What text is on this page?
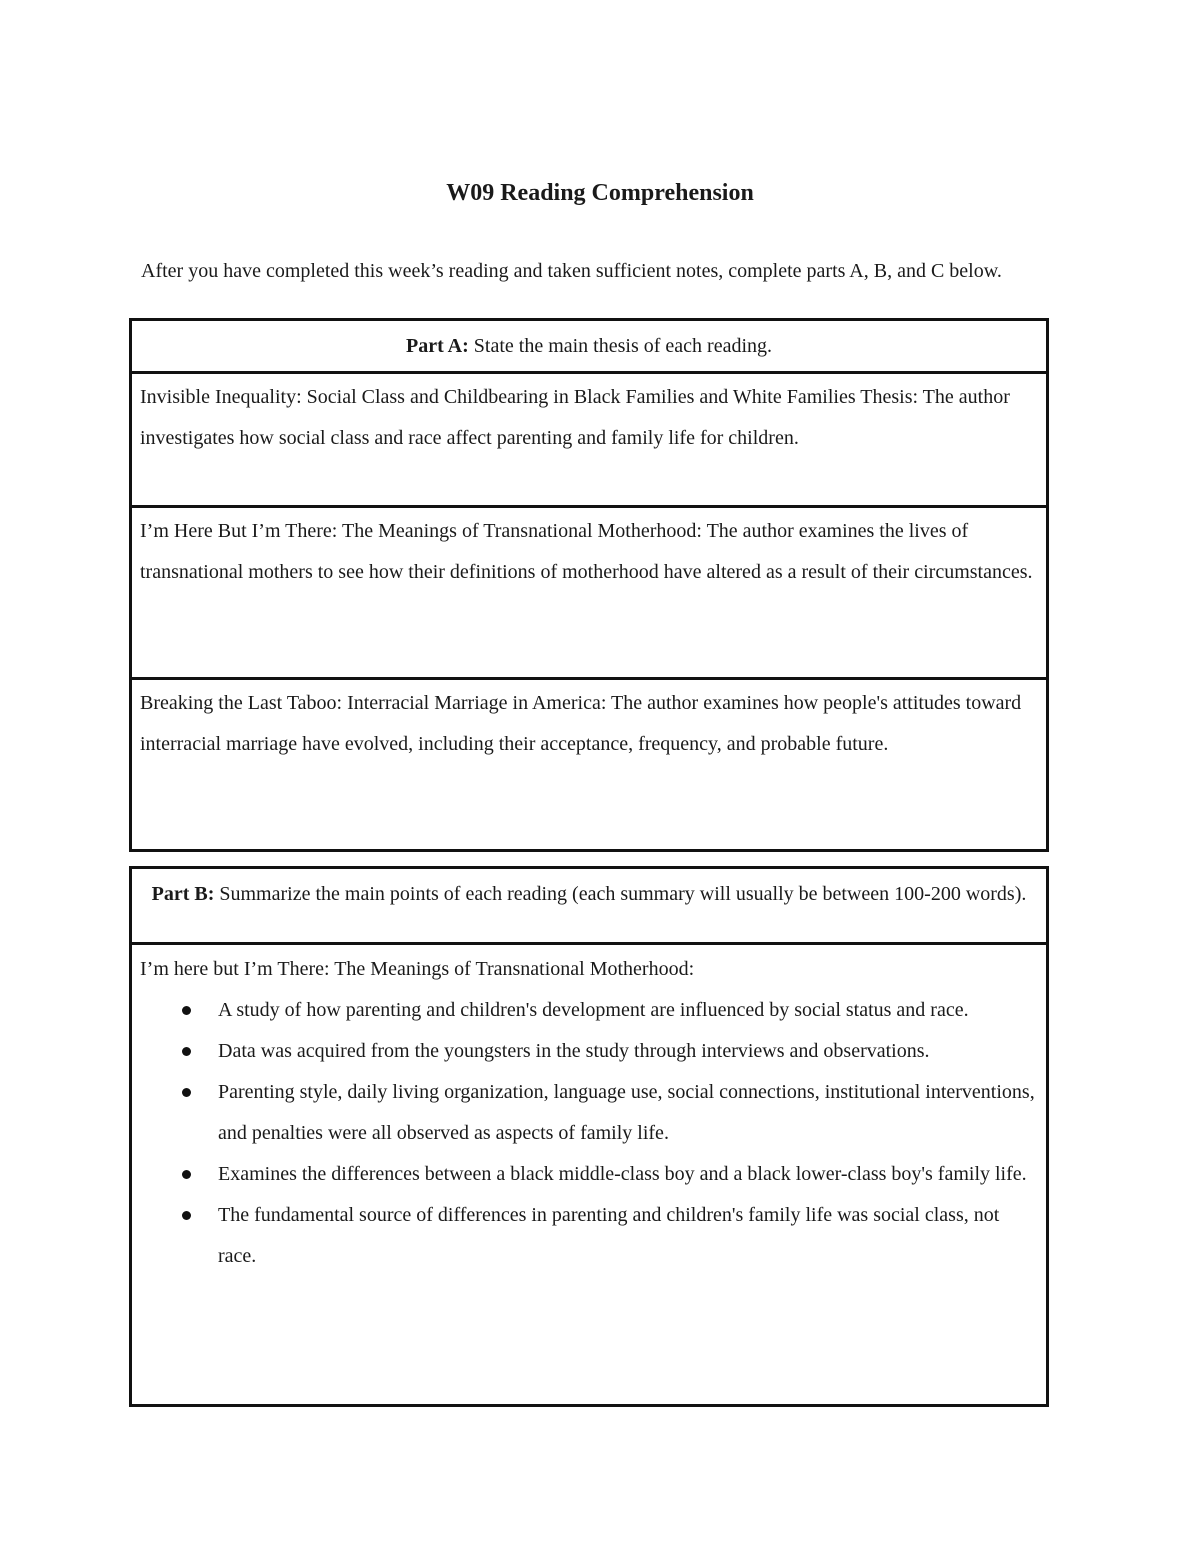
W09 Reading Comprehension
After you have completed this week’s reading and taken sufficient notes, complete parts A, B, and C below.
Part A: State the main thesis of each reading.
Invisible Inequality: Social Class and Childbearing in Black Families and White Families Thesis: The author investigates how social class and race affect parenting and family life for children.
I’m Here But I’m There: The Meanings of Transnational Motherhood: The author examines the lives of transnational mothers to see how their definitions of motherhood have altered as a result of their circumstances.
Breaking the Last Taboo: Interracial Marriage in America: The author examines how people's attitudes toward interracial marriage have evolved, including their acceptance, frequency, and probable future.
Part B: Summarize the main points of each reading (each summary will usually be between 100-200 words).

I’m here but I’m There: The Meanings of Transnational Motherhood:
A study of how parenting and children's development are influenced by social status and race.
Data was acquired from the youngsters in the study through interviews and observations.
Parenting style, daily living organization, language use, social connections, institutional interventions, and penalties were all observed as aspects of family life.
Examines the differences between a black middle-class boy and a black lower-class boy's family life.
The fundamental source of differences in parenting and children's family life was social class, not race.
